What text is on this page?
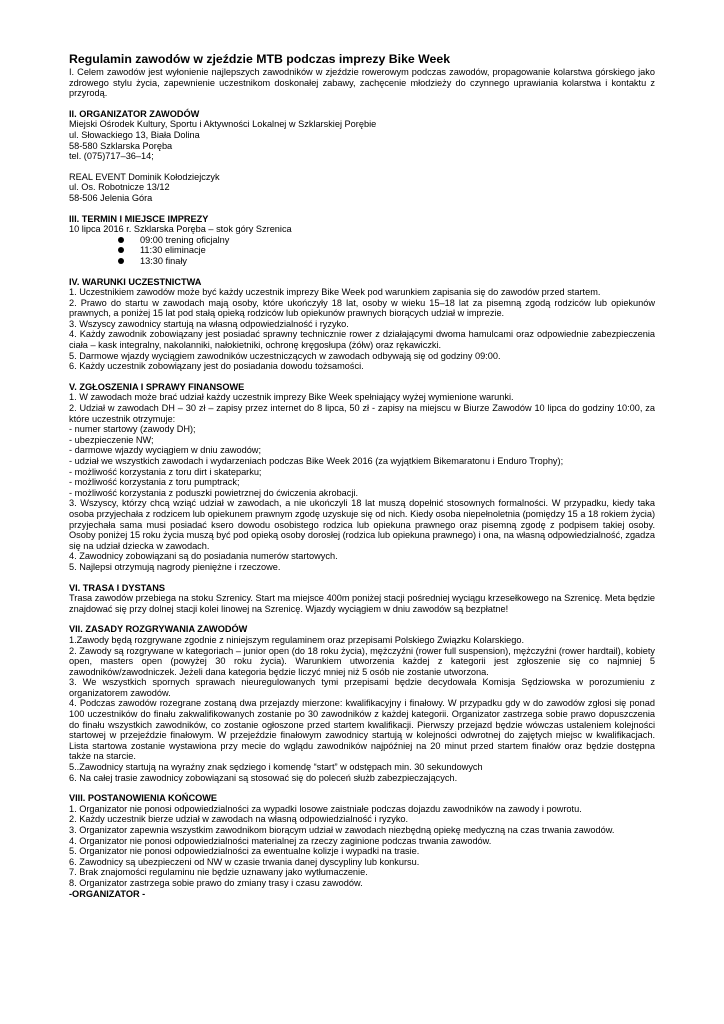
Regulamin zawodów w zjeździe MTB podczas imprezy Bike Week

I. Celem zawodów jest wyłonienie najlepszych zawodników w zjeździe rowerowym podczas zawodów, propagowanie kolarstwa górskiego jako zdrowego stylu życia, zapewnienie uczestnikom doskonałej zabawy, zachęcenie młodzieży do czynnego uprawiania kolarstwa i kontaktu z przyrodą.

II. ORGANIZATOR ZAWODÓW

Miejski Ośrodek Kultury, Sportu i Aktywności Lokalnej w Szklarskiej Porębie

ul. Słowackiego 13, Biała Dolina

58-580 Szklarska Poręba

tel. (075)717–36–14;

REAL EVENT Dominik Kołodziejczyk

ul. Os. Robotnicze 13/12

58-506 Jelenia Góra

III. TERMIN I MIEJSCE IMPREZY

10 lipca 2016 r. Szklarska Poręba – stok góry Szrenica

09:00 trening oficjalny
11:30 eliminacje
13:30 finały

IV. WARUNKI UCZESTNICTWA

1. Uczestnikiem zawodów może być każdy uczestnik imprezy Bike Week pod warunkiem zapisania się do zawodów przed startem.

2. Prawo do startu w zawodach mają osoby, które ukończyły 18 lat, osoby w wieku 15–18 lat za pisemną zgodą rodziców lub opiekunów prawnych, a poniżej 15 lat pod stałą opieką rodziców lub opiekunów prawnych biorących udział w imprezie.

3. Wszyscy zawodnicy startują na własną odpowiedzialność i ryzyko.

4. Każdy zawodnik zobowiązany jest posiadać sprawny technicznie rower z działającymi dwoma hamulcami oraz odpowiednie zabezpieczenia ciała – kask integralny, nakolanniki, nałokietniki, ochronę kręgosłupa (żółw) oraz rękawiczki.

5. Darmowe wjazdy wyciągiem zawodników uczestniczących w zawodach odbywają się od godziny 09:00.

6. Każdy uczestnik zobowiązany jest do posiadania dowodu tożsamości.

V. ZGŁOSZENIA I SPRAWY FINANSOWE

1. W zawodach może brać udział każdy uczestnik imprezy Bike Week spełniający wyżej wymienione warunki.

2. Udział w zawodach DH – 30 zł – zapisy przez internet do 8 lipca, 50 zł - zapisy na miejscu w Biurze Zawodów 10 lipca do godziny 10:00, za które uczestnik otrzymuje:

- numer startowy (zawody DH);

- ubezpieczenie NW;

- darmowe wjazdy wyciągiem w dniu zawodów;

- udział we wszystkich zawodach i wydarzeniach podczas Bike Week 2016 (za wyjątkiem Bikemaratonu i Enduro Trophy);

- możliwość korzystania z toru dirt i skateparku;

- możliwość korzystania z toru pumptrack;

- możliwość korzystania z poduszki powietrznej do ćwiczenia akrobacji.

3. Wszyscy, którzy chcą wziąć udział w zawodach, a nie ukończyli 18 lat muszą dopełnić stosownych formalności. W przypadku, kiedy taka osoba przyjechała z rodzicem lub opiekunem prawnym zgodę uzyskuje się od nich. Kiedy osoba niepełnoletnia (pomiędzy 15 a 18 rokiem życia) przyjechała sama musi posiadać ksero dowodu osobistego rodzica lub opiekuna prawnego oraz pisemną zgodę z podpisem takiej osoby. Osoby poniżej 15 roku życia muszą być pod opieką osoby dorosłej (rodzica lub opiekuna prawnego) i ona, na własną odpowiedzialność, zgadza się na udział dziecka w zawodach.

4. Zawodnicy zobowiązani są do posiadania numerów startowych.

5. Najlepsi otrzymują nagrody pieniężne i rzeczowe.

VI. TRASA I DYSTANS

Trasa zawodów przebiega na stoku Szrenicy. Start ma miejsce 400m poniżej stacji pośredniej wyciągu krzesełkowego na Szrenicę. Meta będzie znajdować się przy dolnej stacji kolei linowej na Szrenicę. Wjazdy wyciągiem w dniu zawodów są bezpłatne!

VII. ZASADY ROZGRYWANIA ZAWODÓW

1.Zawody będą rozgrywane zgodnie z niniejszym regulaminem oraz przepisami Polskiego Związku Kolarskiego.

2. Zawody są rozgrywane w kategoriach – junior open (do 18 roku życia), mężczyźni (rower full suspension), mężczyźni (rower hardtail), kobiety open, masters open (powyżej 30 roku życia). Warunkiem utworzenia każdej z kategorii jest zgłoszenie się co najmniej 5 zawodników/zawodniczek. Jeżeli dana kategoria będzie liczyć mniej niż 5 osób nie zostanie utworzona.

3. We wszystkich spornych sprawach nieuregulowanych tymi przepisami będzie decydowała Komisja Sędziowska w porozumieniu z organizatorem zawodów.

4. Podczas zawodów rozegrane zostaną dwa przejazdy mierzone: kwalifikacyjny i finałowy. W przypadku gdy w do zawodów zgłosi się ponad 100 uczestników do finału zakwalifikowanych zostanie po 30 zawodników z każdej kategorii. Organizator zastrzega sobie prawo dopuszczenia do finału wszystkich zawodników, co zostanie ogłoszone przed startem kwalifikacji. Pierwszy przejazd będzie wówczas ustaleniem kolejności startowej w przejeździe finałowym. W przejeździe finałowym zawodnicy startują w kolejności odwrotnej do zajętych miejsc w kwalifikacjach. Lista startowa zostanie wystawiona przy mecie do wglądu zawodników najpóźniej na 20 minut przed startem finałów oraz będzie dostępna także na starcie.

5..Zawodnicy startują na wyraźny znak sędziego i komendę “start” w odstępach min. 30 sekundowych

6. Na całej trasie zawodnicy zobowiązani są stosować się do poleceń służb zabezpieczających.

VIII. POSTANOWIENIA KOŃCOWE

1. Organizator nie ponosi odpowiedzialności za wypadki losowe zaistniałe podczas dojazdu zawodników na zawody i powrotu.

2. Każdy uczestnik bierze udział w zawodach na własną odpowiedzialność i ryzyko.

3. Organizator zapewnia wszystkim zawodnikom biorącym udział w zawodach niezbędną opiekę medyczną na czas trwania zawodów.

4. Organizator nie ponosi odpowiedzialności materialnej za rzeczy zaginione podczas trwania zawodów.

5. Organizator nie ponosi odpowiedzialności za ewentualne kolizje i wypadki na trasie.

6. Zawodnicy są ubezpieczeni od NW w czasie trwania danej dyscypliny lub konkursu.

7. Brak znajomości regulaminu nie będzie uznawany jako wytłumaczenie.

8. Organizator zastrzega sobie prawo do zmiany trasy i czasu zawodów.

-ORGANIZATOR -
